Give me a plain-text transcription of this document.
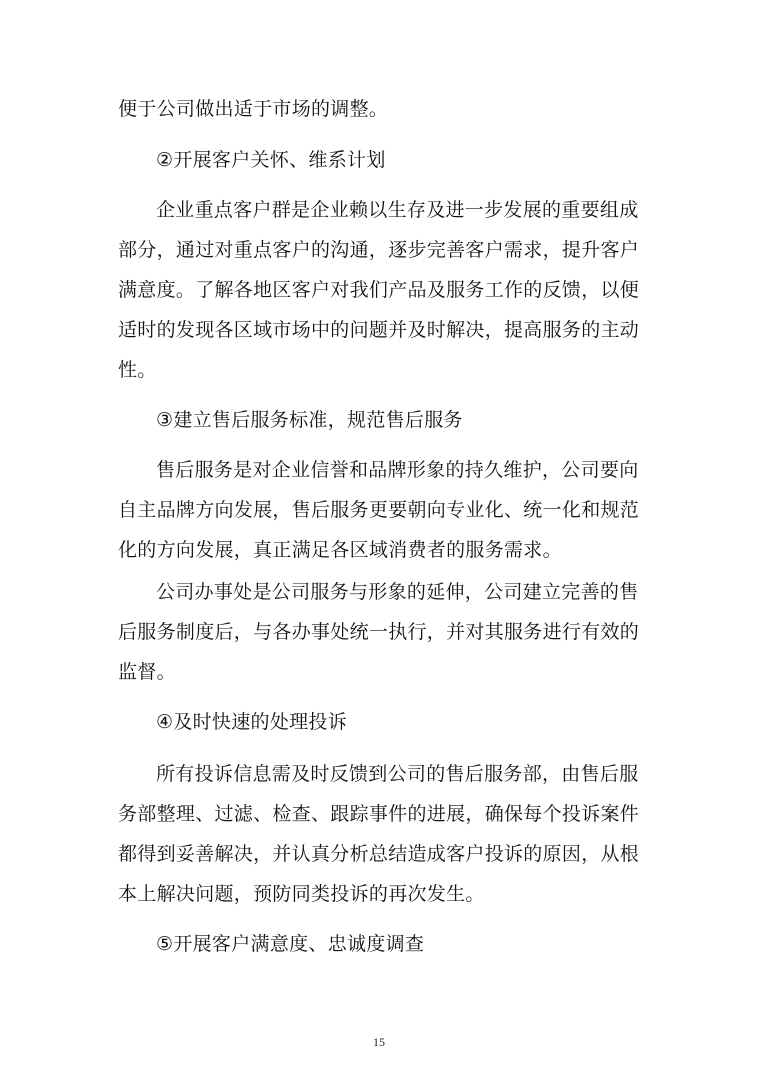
便于公司做出适于市场的调整。
②开展客户关怀、维系计划
企业重点客户群是企业赖以生存及进一步发展的重要组成
部分，通过对重点客户的沟通，逐步完善客户需求，提升客户
满意度。了解各地区客户对我们产品及服务工作的反馈，以便
适时的发现各区域市场中的问题并及时解决，提高服务的主动
性。
③建立售后服务标准，规范售后服务
售后服务是对企业信誉和品牌形象的持久维护，公司要向
自主品牌方向发展，售后服务更要朝向专业化、统一化和规范
化的方向发展，真正满足各区域消费者的服务需求。
公司办事处是公司服务与形象的延伸，公司建立完善的售
后服务制度后，与各办事处统一执行，并对其服务进行有效的
监督。
④及时快速的处理投诉
所有投诉信息需及时反馈到公司的售后服务部，由售后服
务部整理、过滤、检查、跟踪事件的进展，确保每个投诉案件
都得到妥善解决，并认真分析总结造成客户投诉的原因，从根
本上解决问题，预防同类投诉的再次发生。
⑤开展客户满意度、忠诚度调查
15
